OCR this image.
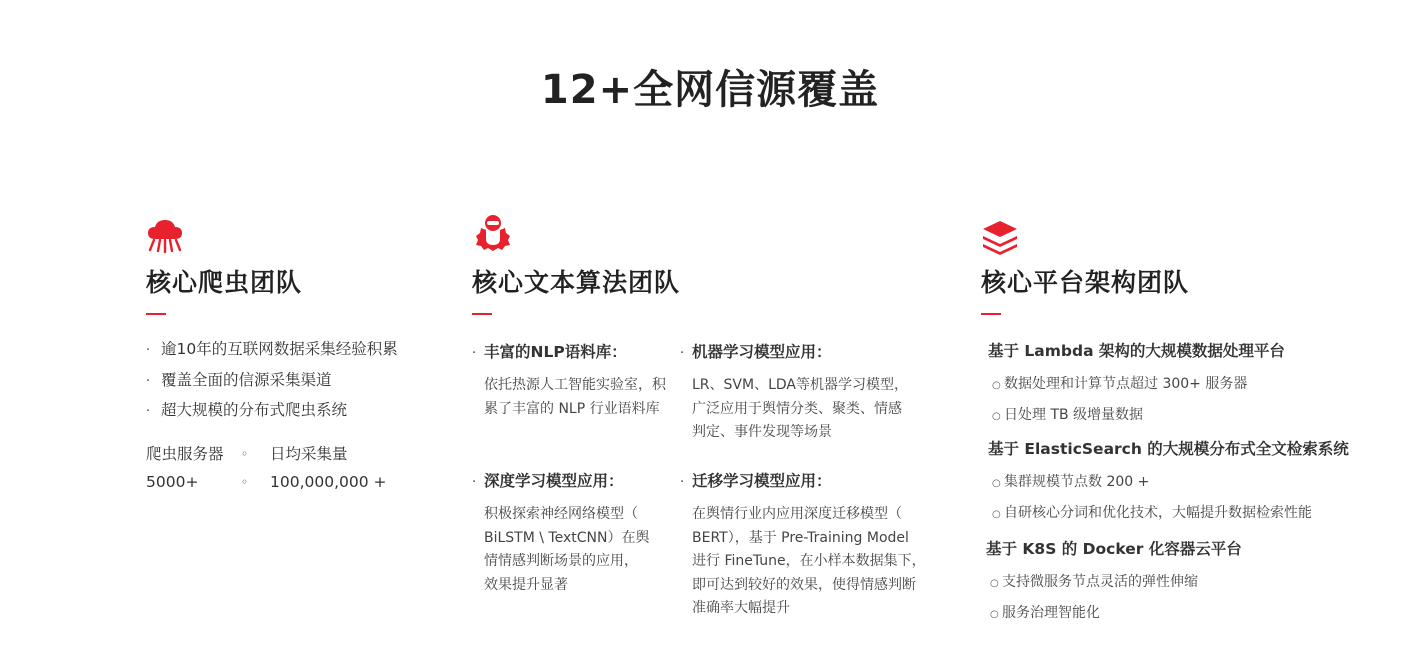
12+全网信源覆盖
核心爬虫团队
· 逾10年的互联网数据采集经验积累
· 覆盖全面的信源采集渠道
· 超大规模的分布式爬虫系统
爬虫服务器 ◦ 日均采集量
5000+	◦ 100,000,000 +
核心文本算法团队
· 丰富的NLP语料库：
依托热源人工智能实验室，积
累了丰富的 NLP 行业语料库
· 机器学习模型应用：
LR、SVM、LDA等机器学习模型，
广泛应用于舆情分类、聚类、情感
判定、事件发现等场景
· 深度学习模型应用：
积极探索神经网络模型（
BiLSTM \ TextCNN）在舆
情情感判断场景的应用，
效果提升显著
· 迁移学习模型应用：
在舆情行业内应用深度迁移模型（
BERT），基于 Pre-Training Model
进行 FineTune，在小样本数据集下，
即可达到较好的效果，使得情感判断
准确率大幅提升
核心平台架构团队
基于 Lambda 架构的大规模数据处理平台
○ 数据处理和计算节点超过 300+ 服务器
○ 日处理 TB 级增量数据
基于 ElasticSearch 的大规模分布式全文检索系统
○ 集群规模节点数 200 +
○ 自研核心分词和优化技术，大幅提升数据检索性能
基于 K8S 的 Docker 化容器云平台
○ 支持微服务节点灵活的弹性伸缩
○ 服务治理智能化
